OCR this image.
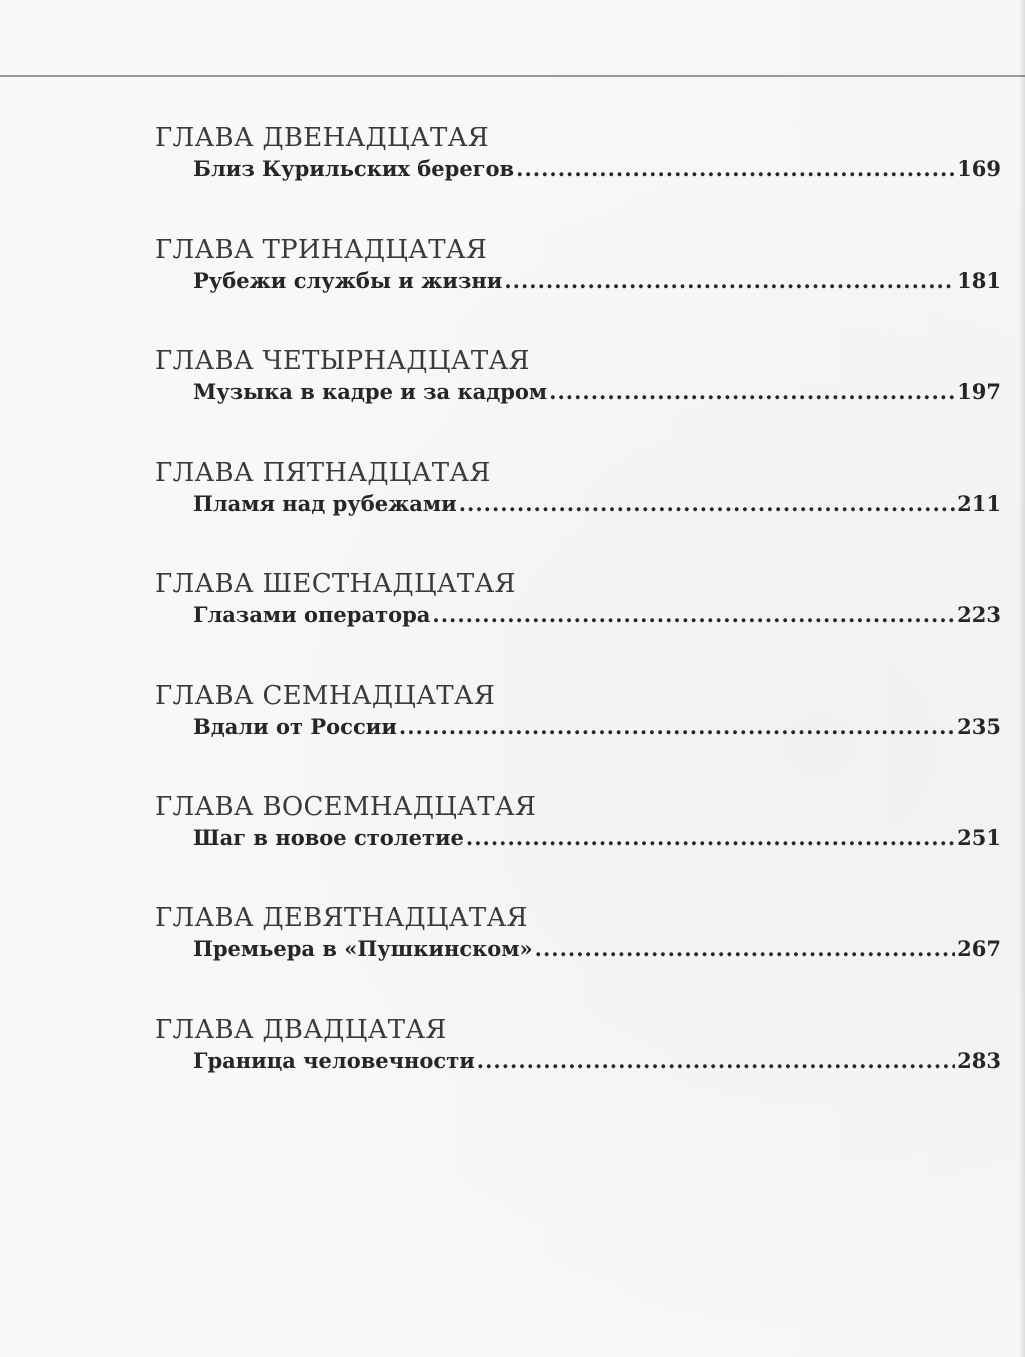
ГЛАВА ДВЕНАДЦАТАЯ
Близ Курильских берегов .....	169
ГЛАВА ТРИНАДЦАТАЯ
Рубежи службы и жизни .....	181
ГЛАВА ЧЕТЫРНАДЦАТАЯ
Музыка в кадре и за кадром .....	197
ГЛАВА ПЯТНАДЦАТАЯ
Пламя над рубежами .....	211
ГЛАВА ШЕСТНАДЦАТАЯ
Глазами оператора .....	223
ГЛАВА СЕМНАДЦАТАЯ
Вдали от России .....	235
ГЛАВА ВОСЕМНАДЦАТАЯ
Шаг в новое столетие .....	251
ГЛАВА ДЕВЯТНАДЦАТАЯ
Премьера в «Пушкинском» .....	267
ГЛАВА ДВАДЦАТАЯ
Граница человечности .....	283
